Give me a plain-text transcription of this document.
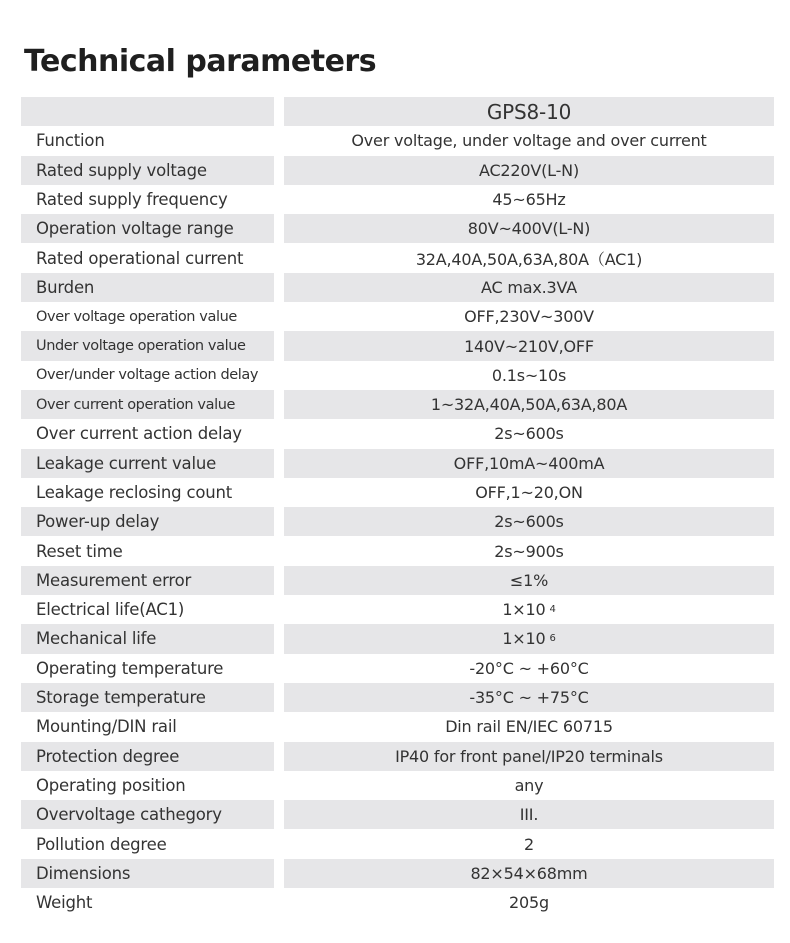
Technical parameters
GPS8-10
Function	Over voltage, under voltage and over current
Rated supply voltage	AC220V(L-N)
Rated supply frequency	45~65Hz
Operation voltage range	80V~400V(L-N)
Rated operational current	32A,40A,50A,63A,80A（AC1)
Burden	AC max.3VA
Over voltage operation value	OFF,230V~300V
Under voltage operation value	140V~210V,OFF
Over/under voltage action delay	0.1s~10s
Over current operation value	1~32A,40A,50A,63A,80A
Over current action delay	2s~600s
Leakage current value	OFF,10mA~400mA
Leakage reclosing count	OFF,1~20,ON
Power-up delay	2s~600s
Reset time	2s~900s
Measurement error	≤1%
Electrical life(AC1)	1×10 4
Mechanical life	1×10 6
Operating temperature	-20°C ~ +60°C
Storage temperature	-35°C ~ +75°C
Mounting/DIN rail	Din rail EN/IEC 60715
Protection degree	IP40 for front panel/IP20 terminals
Operating position	any
Overvoltage cathegory	III.
Pollution degree	2
Dimensions	82×54×68mm
Weight	205g
